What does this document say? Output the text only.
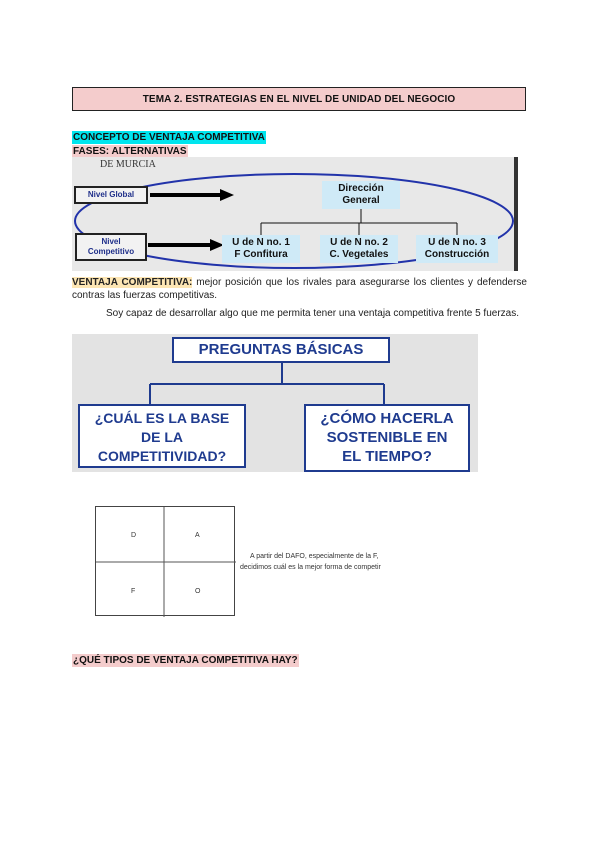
TEMA 2. ESTRATEGIAS EN EL NIVEL DE UNIDAD DEL NEGOCIO
CONCEPTO DE VENTAJA COMPETITIVA
FASES: ALTERNATIVAS
DE MURCIA
Nivel Global
Nivel
Competitivo
Dirección
General
U de N no. 1
F Confitura
U de N no. 2
C. Vegetales
U de N no. 3
Construcción
VENTAJA COMPETITIVA: mejor posición que los rivales para asegurarse los clientes y defenderse contras las fuerzas competitivas.
Soy capaz de desarrollar algo que me permita tener una ventaja competitiva frente 5 fuerzas.
PREGUNTAS BÁSICAS
¿CUÁL ES LA BASE
DE LA
COMPETITIVIDAD?
¿CÓMO HACERLA
SOSTENIBLE EN
EL TIEMPO?
D	A
F	O
A partir del DAFO, especialmente de la F,
decidimos cuál es la mejor forma de competir
¿QUÉ TIPOS DE VENTAJA COMPETITIVA HAY?
